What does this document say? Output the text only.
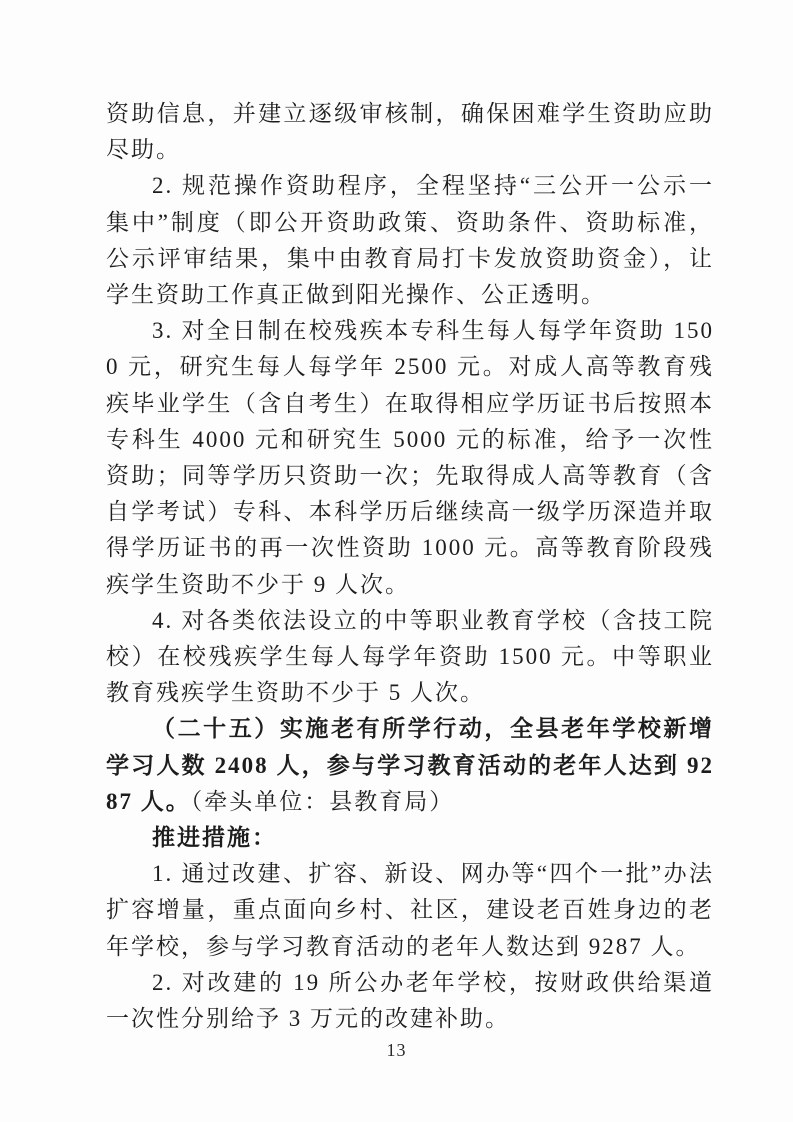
资助信息，并建立逐级审核制，确保困难学生资助应助尽助。

2. 规范操作资助程序，全程坚持“三公开一公示一集中”制度（即公开资助政策、资助条件、资助标准，公示评审结果，集中由教育局打卡发放资助资金），让学生资助工作真正做到阳光操作、公正透明。

3. 对全日制在校残疾本专科生每人每学年资助 1500 元，研究生每人每学年 2500 元。对成人高等教育残疾毕业学生（含自考生）在取得相应学历证书后按照本专科生 4000 元和研究生 5000 元的标准，给予一次性资助；同等学历只资助一次；先取得成人高等教育（含自学考试）专科、本科学历后继续高一级学历深造并取得学历证书的再一次性资助 1000 元。高等教育阶段残疾学生资助不少于 9 人次。

4. 对各类依法设立的中等职业教育学校（含技工院校）在校残疾学生每人每学年资助 1500 元。中等职业教育残疾学生资助不少于 5 人次。

（二十五）实施老有所学行动，全县老年学校新增学习人数 2408 人，参与学习教育活动的老年人达到 9287 人。（牵头单位：县教育局）

推进措施：

1. 通过改建、扩容、新设、网办等“四个一批”办法扩容增量，重点面向乡村、社区，建设老百姓身边的老年学校，参与学习教育活动的老年人数达到 9287 人。

2. 对改建的 19 所公办老年学校，按财政供给渠道一次性分别给予 3 万元的改建补助。

13
